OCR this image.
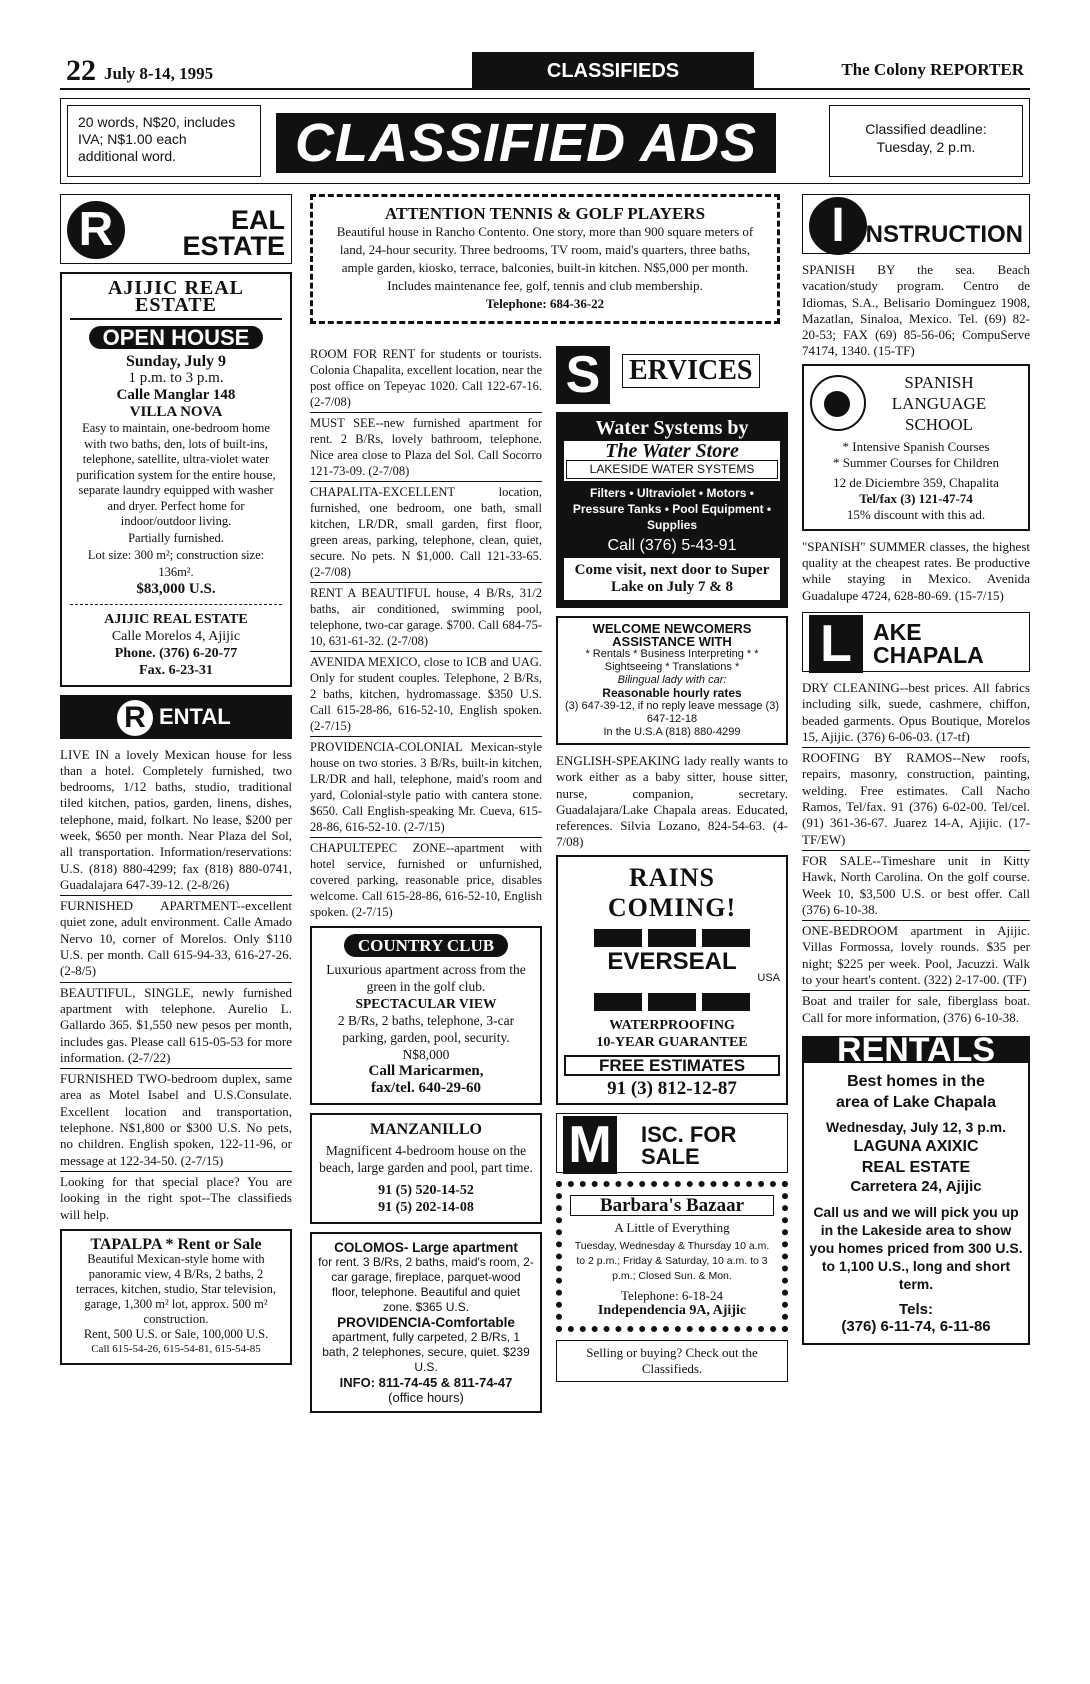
22 July 8-14, 1995	CLASSIFIEDS	The Colony REPORTER
20 words, N$20, includes IVA; N$1.00 each additional word.	CLASSIFIED ADS	Classified deadline:
Tuesday, 2 p.m.
R	EAL ESTATE
AJIJIC REAL ESTATE
OPEN HOUSE
Sunday, July 9
1 p.m. to 3 p.m.
Calle Manglar 148
VILLA NOVA
Easy to maintain, one-bedroom home with two baths, den, lots of built-ins, telephone, satellite, ultra-violet water purification system for the entire house, separate laundry equipped with washer and dryer. Perfect home for indoor/outdoor living.
Partially furnished.
Lot size: 300 m²; construction size: 136m².
$83,000 U.S.
AJIJIC REAL ESTATE
Calle Morelos 4, Ajijic
Phone. (376) 6-20-77
Fax. 6-23-31
R ENTAL

LIVE IN a lovely Mexican house for less than a hotel. Completely furnished, two bedrooms, 1/12 baths, studio, traditional tiled kitchen, patios, garden, linens, dishes, telephone, maid, folkart. No lease, $200 per week, $650 per month. Near Plaza del Sol, all transportation. Information/reservations: U.S. (818) 880-4299; fax (818) 880-0741, Guadalajara 647-39-12. (2-8/26)

FURNISHED APARTMENT--excellent quiet zone, adult environment. Calle Amado Nervo 10, corner of Morelos. Only $110 U.S. per month. Call 615-94-33, 616-27-26. (2-8/5)

BEAUTIFUL, SINGLE, newly furnished apartment with telephone. Aurelio L. Gallardo 365. $1,550 new pesos per month, includes gas. Please call 615-05-53 for more information. (2-7/22)

FURNISHED TWO-bedroom duplex, same area as Motel Isabel and U.S.Consulate. Excellent location and transportation, telephone. N$1,800 or $300 U.S. No pets, no children. English spoken, 122-11-96, or message at 122-34-50. (2-7/15)

Looking for that special place? You are looking in the right spot--The classifieds will help.

TAPALPA * Rent or Sale
Beautiful Mexican-style home with panoramic view, 4 B/Rs, 2 baths, 2 terraces, kitchen, studio, Star television, garage, 1,300 m² lot, approx. 500 m² construction.
Rent, 500 U.S. or Sale, 100,000 U.S.
Call 615-54-26, 615-54-81, 615-54-85
ATTENTION TENNIS & GOLF PLAYERS
Beautiful house in Rancho Contento. One story, more than 900 square meters of land, 24-hour security. Three bedrooms, TV room, maid's quarters, three baths, ample garden, kiosko, terrace, balconies, built-in kitchen. N$5,000 per month. Includes maintenance fee, golf, tennis and club membership.
Telephone: 684-36-22

ROOM FOR RENT for students or tourists. Colonia Chapalita, excellent location, near the post office on Tepeyac 1020. Call 122-67-16. (2-7/08)

MUST SEE--new furnished apartment for rent. 2 B/Rs, lovely bathroom, telephone. Nice area close to Plaza del Sol. Call Socorro 121-73-09. (2-7/08)

CHAPALITA-EXCELLENT location, furnished, one bedroom, one bath, small kitchen, LR/DR, small garden, first floor, green areas, parking, telephone, clean, quiet, secure. No pets. N $1,000. Call 121-33-65. (2-7/08)

RENT A BEAUTIFUL house, 4 B/Rs, 31/2 baths, air conditioned, swimming pool, telephone, two-car garage. $700. Call 684-75-10, 631-61-32. (2-7/08)

AVENIDA MEXICO, close to ICB and UAG. Only for student couples. Telephone, 2 B/Rs, 2 baths, kitchen, hydromassage. $350 U.S. Call 615-28-86, 616-52-10, English spoken. (2-7/15)

PROVIDENCIA-COLONIAL Mexican-style house on two stories. 3 B/Rs, built-in kitchen, LR/DR and hall, telephone, maid's room and yard, Colonial-style patio with cantera stone. $650. Call English-speaking Mr. Cueva, 615-28-86, 616-52-10. (2-7/15)

CHAPULTEPEC ZONE--apartment with hotel service, furnished or unfurnished, covered parking, reasonable price, disables welcome. Call 615-28-86, 616-52-10, English spoken. (2-7/15)

COUNTRY CLUB
Luxurious apartment across from the green in the golf club.
SPECTACULAR VIEW
2 B/Rs, 2 baths, telephone, 3-car parking, garden, pool, security.
N$8,000
Call Maricarmen,
fax/tel. 640-29-60
MANZANILLO
Magnificent 4-bedroom house on the beach, large garden and pool, part time.
91 (5) 520-14-52
91 (5) 202-14-08
COLOMOS- Large apartment
for rent. 3 B/Rs, 2 baths, maid's room, 2-car garage, fireplace, parquet-wood floor, telephone. Beautiful and quiet zone. $365 U.S.
PROVIDENCIA-Comfortable
apartment, fully carpeted, 2 B/Rs, 1 bath, 2 telephones, secure, quiet. $239 U.S.
INFO: 811-74-45 & 811-74-47
(office hours)
S	ERVICES
Water Systems by
The Water Store
LAKESIDE WATER SYSTEMS
Filters • Ultraviolet • Motors • Pressure Tanks • Pool Equipment • Supplies
Call (376) 5-43-91
Come visit, next door to Super Lake on July 7 & 8
WELCOME NEWCOMERS ASSISTANCE WITH
* Rentals * Business Interpreting * * Sightseeing * Translations *
Bilingual lady with car:
Reasonable hourly rates
(3) 647-39-12, if no reply leave message (3) 647-12-18
In the U.S.A (818) 880-4299

ENGLISH-SPEAKING lady really wants to work either as a baby sitter, house sitter, nurse, companion, secretary. Guadalajara/Lake Chapala areas. Educated, references. Silvia Lozano, 824-54-63. (4-7/08)

RAINS COMING!
EVERSEAL
USA
WATERPROOFING
10-YEAR GUARANTEE
FREE ESTIMATES
91 (3) 812-12-87
M ISC. FOR SALE
Barbara's Bazaar
A Little of Everything
Tuesday, Wednesday & Thursday 10 a.m. to 2 p.m.; Friday & Saturday, 10 a.m. to 3 p.m.; Closed Sun. & Mon.
Telephone: 6-18-24
Independencia 9A, Ajijic
Selling or buying? Check out the Classifieds.
I NSTRUCTION

SPANISH BY the sea. Beach vacation/study program. Centro de Idiomas, S.A., Belisario Dominguez 1908, Mazatlan, Sinaloa, Mexico. Tel. (69) 82-20-53; FAX (69) 85-56-06; CompuServe 74174, 1340. (15-TF)

SPANISH LANGUAGE SCHOOL
* Intensive Spanish Courses
* Summer Courses for Children
12 de Diciembre 359, Chapalita
Tel/fax (3) 121-47-74
15% discount with this ad.

"SPANISH" SUMMER classes, the highest quality at the cheapest rates. Be productive while staying in Mexico. Avenida Guadalupe 4724, 628-80-69. (15-7/15)

L AKE CHAPALA

DRY CLEANING--best prices. All fabrics including silk, suede, cashmere, chiffon, beaded garments. Opus Boutique, Morelos 15, Ajijic. (376) 6-06-03. (17-tf)

ROOFING BY RAMOS--New roofs, repairs, masonry, construction, painting, welding. Free estimates. Call Nacho Ramos, Tel/fax. 91 (376) 6-02-00. Tel/cel. (91) 361-36-67. Juarez 14-A, Ajijic. (17-TF/EW)

FOR SALE--Timeshare unit in Kitty Hawk, North Carolina. On the golf course. Week 10, $3,500 U.S. or best offer. Call (376) 6-10-38.

ONE-BEDROOM apartment in Ajijic. Villas Formossa, lovely rounds. $35 per night; $225 per week. Pool, Jacuzzi. Walk to your heart's content. (322) 2-17-00. (TF)

Boat and trailer for sale, fiberglass boat. Call for more information, (376) 6-10-38.

RENTALS
Best homes in the area of Lake Chapala
Wednesday, July 12, 3 p.m.
LAGUNA AXIXIC REAL ESTATE
Carretera 24, Ajijic
Call us and we will pick you up in the Lakeside area to show you homes priced from 300 U.S. to 1,100 U.S., long and short term.
Tels:
(376) 6-11-74, 6-11-86
